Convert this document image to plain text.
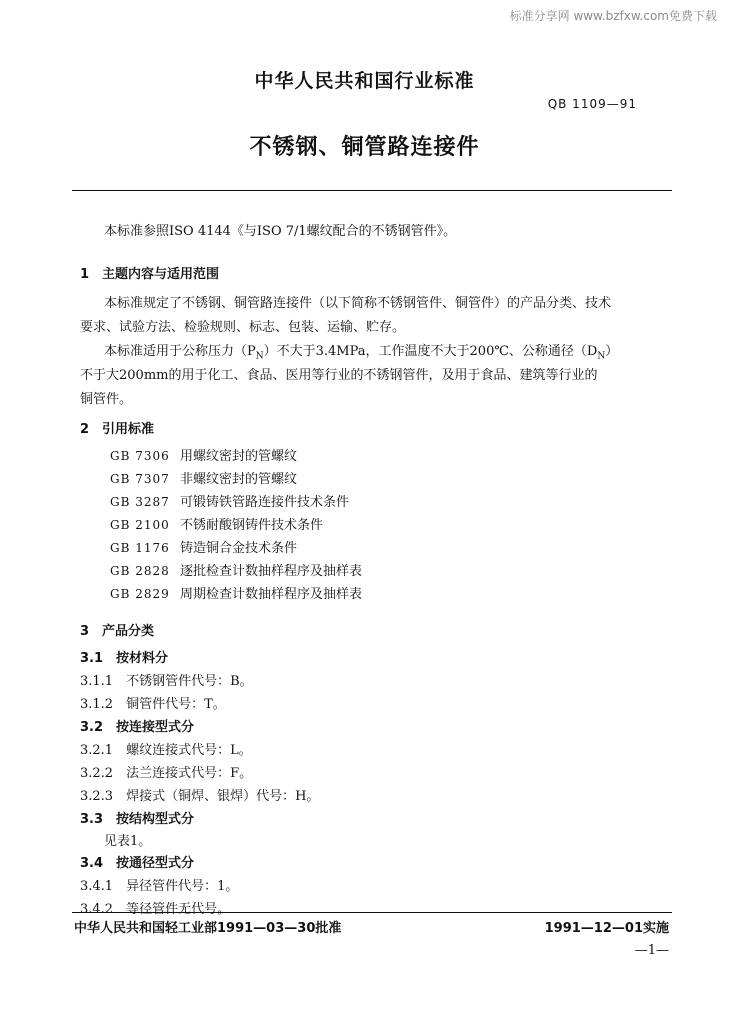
标准分享网 www.bzfxw.com免费下载
中华人民共和国行业标准
QB 1109—91
不锈钢、铜管路连接件
本标准参照ISO 4144《与ISO 7/1螺纹配合的不锈钢管件》。
1　主题内容与适用范围
本标准规定了不锈钢、铜管路连接件（以下简称不锈钢管件、铜管件）的产品分类、技术
要求、试验方法、检验规则、标志、包装、运输、贮存。
本标准适用于公称压力$(P_N)$不大于3.4MPa，工作温度不大于200℃、公称通径$(D_N)$
不于大200mm的用于化工、食品、医用等行业的不锈钢管件，及用于食品、建筑等行业的
铜管件。
2　引用标准
GB 7306 用螺纹密封的管螺纹
GB 7307 非螺纹密封的管螺纹
GB 3287 可锻铸铁管路连接件技术条件
GB 2100 不锈耐酸钢铸件技术条件
GB 1176 铸造铜合金技术条件
GB 2828 逐批检查计数抽样程序及抽样表
GB 2829 周期检查计数抽样程序及抽样表
3　产品分类
3.1　按材料分
3.1.1　不锈钢管件代号：B。
3.1.2　铜管件代号：T。
3.2　按连接型式分
3.2.1　螺纹连接式代号：L。
3.2.2　法兰连接式代号：F。
3.2.3　焊接式（铜焊、银焊）代号：H。
3.3　按结构型式分
见表1。
3.4　按通径型式分
3.4.1　异径管件代号：1。
3.4.2　等径管件无代号。
中华人民共和国轻工业部1991—03—30批准	1991—12—01实施
—1—
